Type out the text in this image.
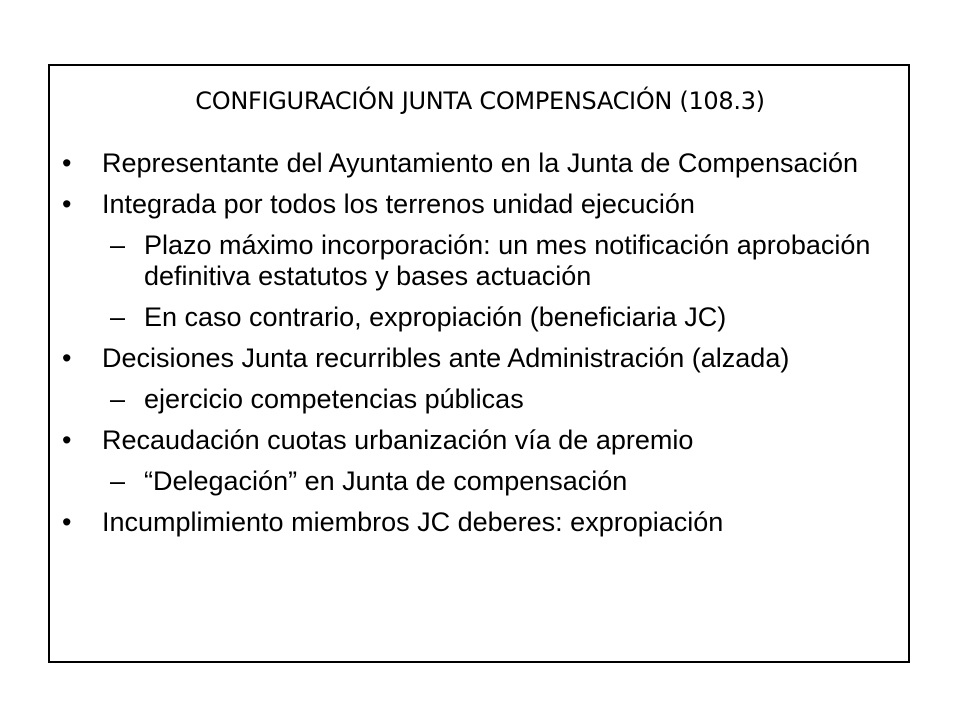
CONFIGURACIÓN JUNTA COMPENSACIÓN (108.3)
• Representante del Ayuntamiento en la Junta de Compensación
• Integrada por todos los terrenos unidad ejecución
– Plazo máximo incorporación: un mes notificación aprobación definitiva estatutos y bases actuación
– En caso contrario, expropiación (beneficiaria JC)
• Decisiones Junta recurribles ante Administración (alzada)
– ejercicio competencias públicas
• Recaudación cuotas urbanización vía de apremio
– “Delegación” en Junta de compensación
• Incumplimiento miembros JC deberes: expropiación
